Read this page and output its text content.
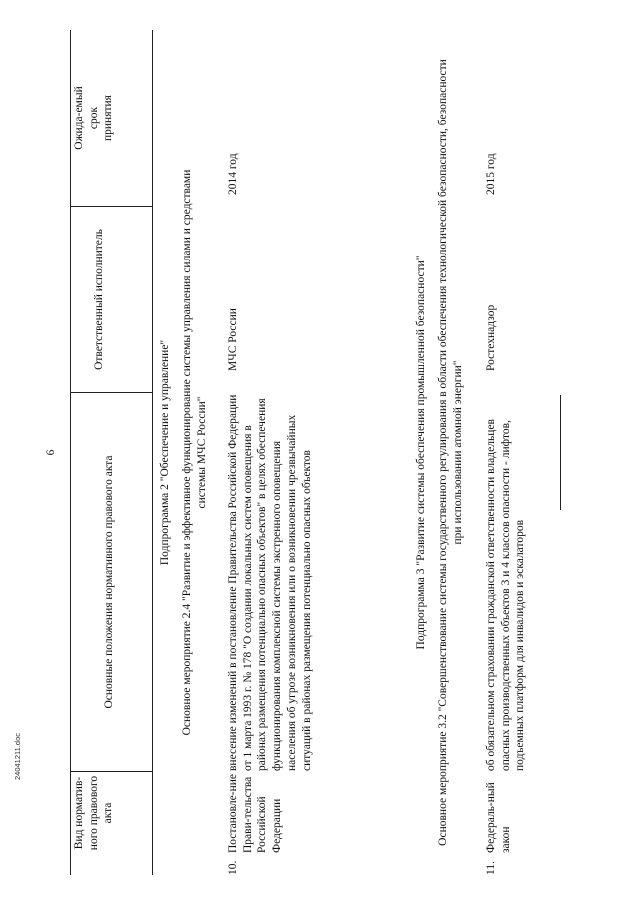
6
Вид норматив-ного правового акта
Основные положения нормативного правового акта
Ответственный исполнитель
Ожида-емый срок принятия
Подпрограмма 2 "Обеспечение и управление" Основное мероприятие 2.4 "Развитие и эффективное функционирование системы управления силами и средствами системы МЧС России"
10.
Постановле-ние Прави-тельства Российской Федерации
внесение изменений в постановление Правительства Российской Федерации от 1 марта 1993 г. № 178 "О создании локальных систем оповещения в районах размещения потенциально опасных объектов" в целях обеспечения функционирования комплексной системы экстренного оповещения населения об угрозе возникновения или о возникновении чрезвычайных ситуаций в районах размещения потенциально опасных объектов
МЧС России
2014 год
Подпрограмма 3 "Развитие системы обеспечения промышленной безопасности" Основное мероприятие 3.2 "Совершенствование системы государственного регулирования в области обеспечения технологической безопасности, безопасности при использовании атомной энергии"
11.
Федераль-ный закон
об обязательном страховании гражданской ответственности владельцев опасных производственных объектов 3 и 4 классов опасности - лифтов, подъемных платформ для инвалидов и эскалаторов
Ростехнадзор
2015 год
24041211.doc
